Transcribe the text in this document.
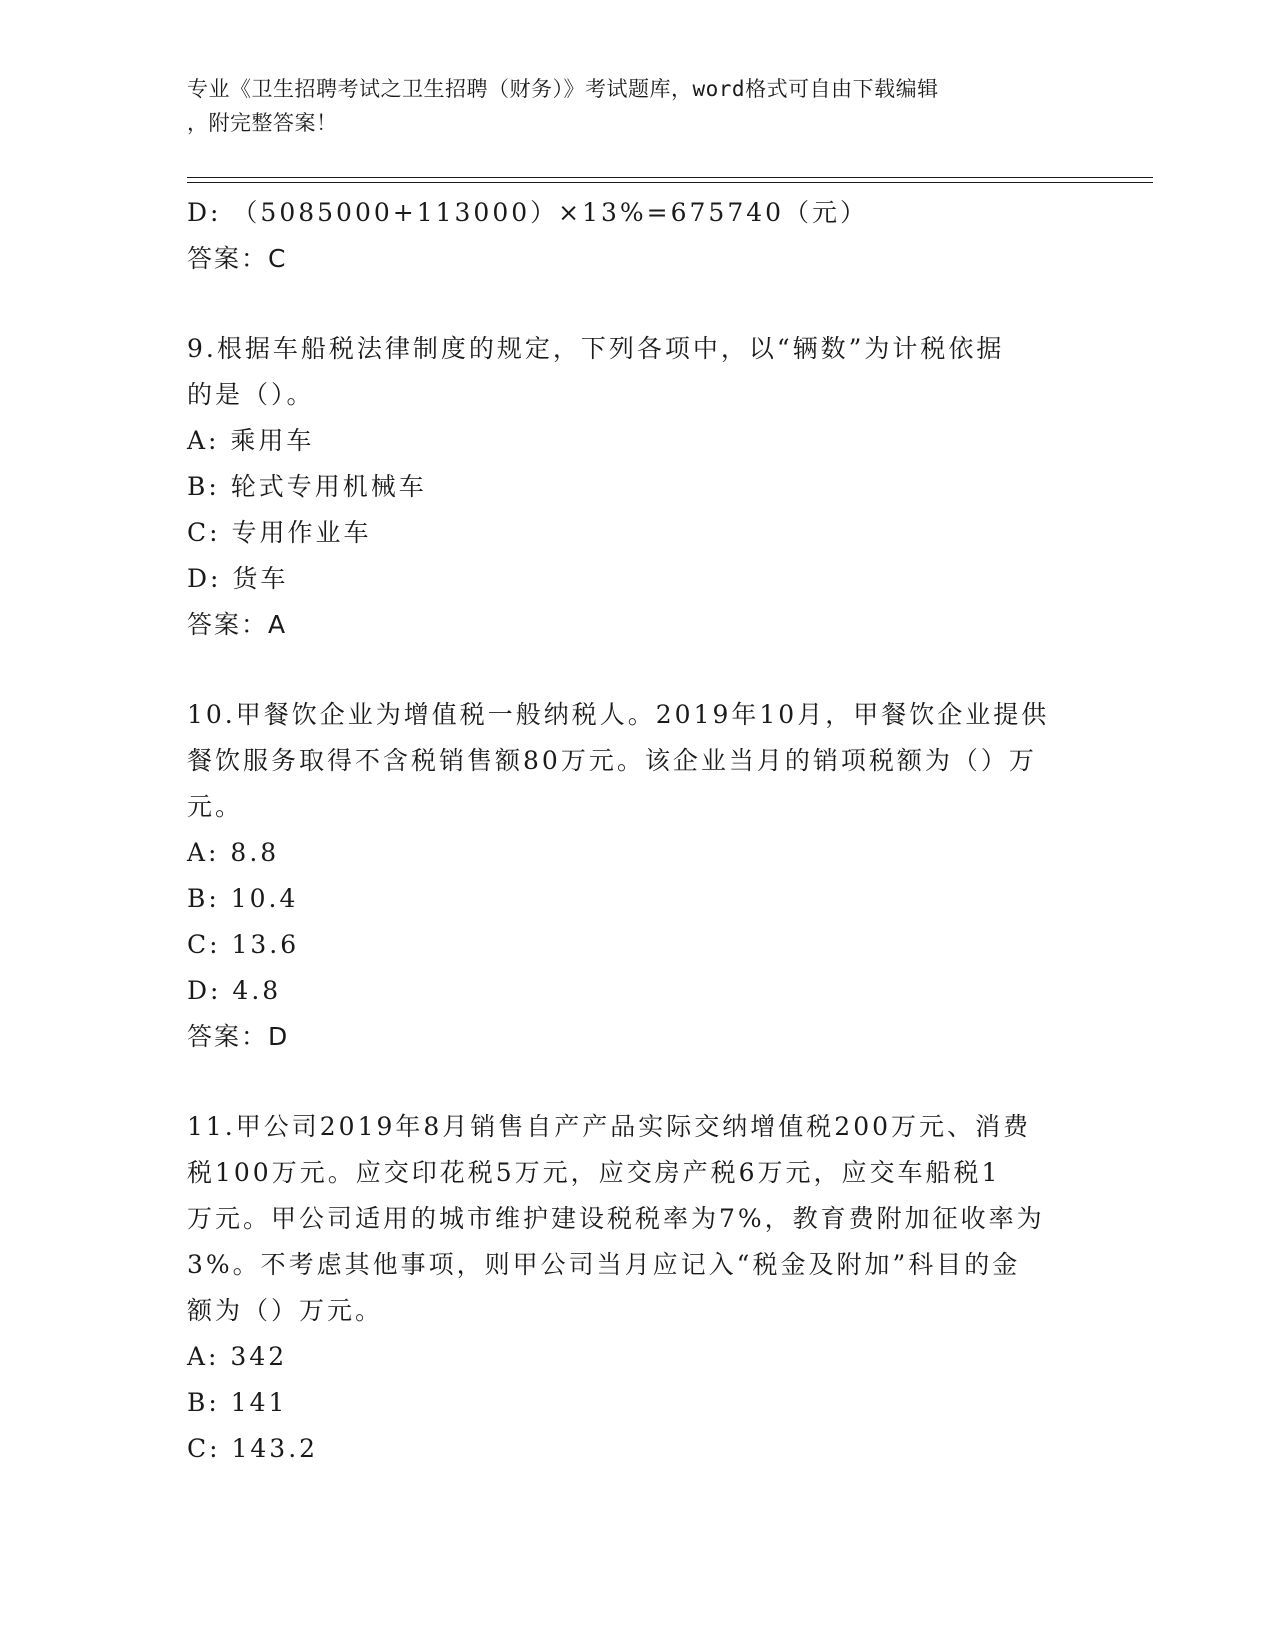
专业《卫生招聘考试之卫生招聘（财务）》考试题库，word格式可自由下载编辑
，附完整答案！
D: （5085000+113000）×13%=675740（元）
答案：C
9.根据车船税法律制度的规定，下列各项中，以“辆数”为计税依据
的是（）。
A: 乘用车
B: 轮式专用机械车
C: 专用作业车
D: 货车
答案：A
10.甲餐饮企业为增值税一般纳税人。2019年10月，甲餐饮企业提供
餐饮服务取得不含税销售额80万元。该企业当月的销项税额为（）万
元。
A: 8.8
B: 10.4
C: 13.6
D: 4.8
答案：D
11.甲公司2019年8月销售自产产品实际交纳增值税200万元、消费
税100万元。应交印花税5万元，应交房产税6万元，应交车船税1
万元。甲公司适用的城市维护建设税税率为7%，教育费附加征收率为
3%。不考虑其他事项，则甲公司当月应记入“税金及附加”科目的金
额为（）万元。
A: 342
B: 141
C: 143.2
